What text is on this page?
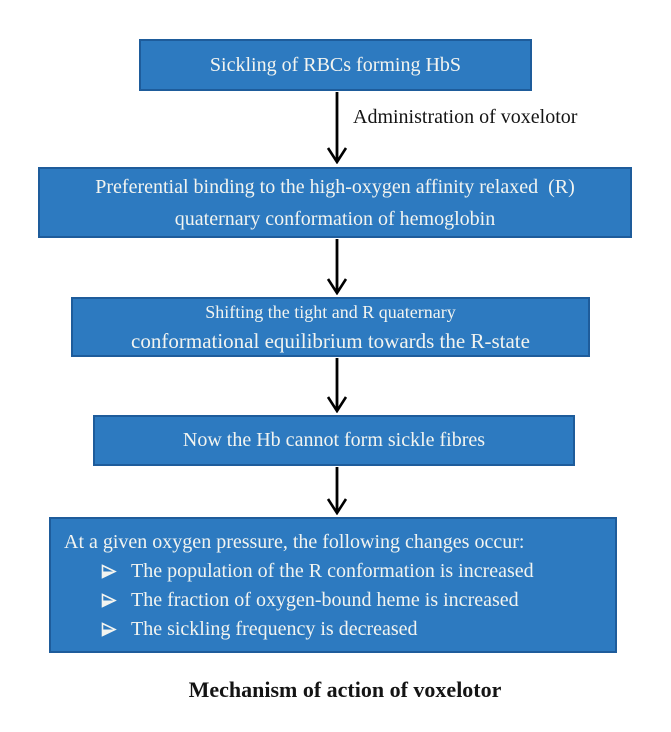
Sickling of RBCs forming HbS
Administration of voxelotor
Preferential binding to the high-oxygen affinity relaxed  (R)
quaternary conformation of hemoglobin
Shifting the tight and R quaternary
conformational equilibrium towards the R-state
Now the Hb cannot form sickle fibres
At a given oxygen pressure, the following changes occur:
The population of the R conformation is increased
The fraction of oxygen-bound heme is increased
The sickling frequency is decreased
Mechanism of action of voxelotor
